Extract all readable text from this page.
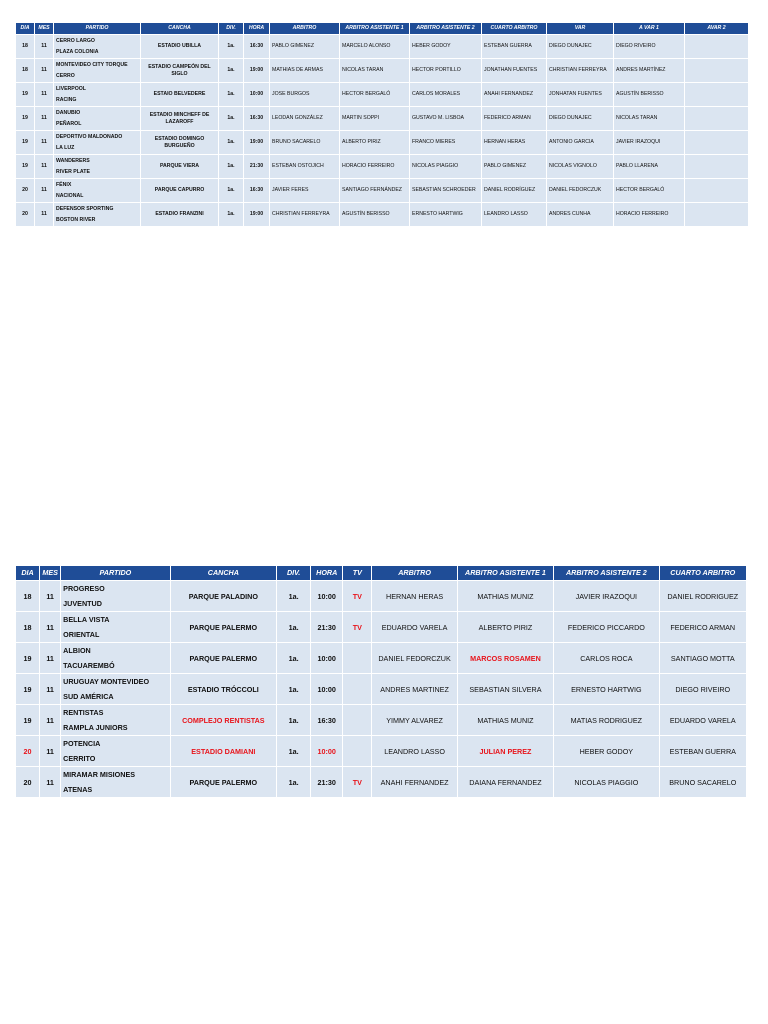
DIA	MES	PARTIDO	CANCHA	DIV.	HORA	ARBITRO	ARBITRO ASISTENTE 1	ARBITRO ASISTENTE 2	CUARTO ARBITRO	VAR	A VAR 1	AVAR 2
18	11	CERRO LARGO
PLAZA COLONIA	ESTADIO UBILLA	1a.	16:30	PABLO GIMENEZ	MARCELO ALONSO	HEBER GODOY	ESTEBAN GUERRA	DIEGO DUNAJEC	DIEGO RIVEIRO	
18	11	MONTEVIDEO CITY TORQUE
CERRO	ESTADIO CAMPEÓN DEL SIGLO	1a.	19:00	MATHIAS DE ARMAS	NICOLAS TARAN	HECTOR PORTILLO	JONATHAN FUENTES	CHRISTIAN FERREYRA	ANDRES MARTÍNEZ	
19	11	LIVERPOOL
RACING	ESTAIO BELVEDERE	1a.	10:00	JOSE BURGOS	HECTOR BERGALÓ	CARLOS MORALES	ANAHI FERNANDEZ	JONHATAN FUENTES	AGUSTÍN BERISSO	
19	11	DANUBIO
PEÑAROL	ESTADIO MINCHEFF DE LAZAROFF	1a.	16:30	LEODAN GONZÁLEZ	MARTIN SOPPI	GUSTAVO M. LISBOA	FEDERICO ARMAN	DIEGO DUNAJEC	NICOLAS TARAN	
19	11	DEPORTIVO MALDONADO
LA LUZ	ESTADIO DOMINGO BURGUEÑO	1a.	19:00	BRUNO SACARELO	ALBERTO PIRIZ	FRANCO MIERES	HERNAN HERAS	ANTONIO GARCIA	JAVIER IRAZOQUI	
19	11	WANDERERS
RIVER PLATE	PARQUE VIERA	1a.	21:30	ESTEBAN OSTOJICH	HORACIO FERREIRO	NICOLAS PIAGGIO	PABLO GIMENEZ	NICOLAS VIGNOLO	PABLO LLARENA	
20	11	FÉNIX
NACIONAL	PARQUE CAPURRO	1a.	16:30	JAVIER FERES	SANTIAGO FERNÁNDEZ	SEBASTIAN SCHROEDER	DANIEL RODRÍGUEZ	DANIEL FEDORCZUK	HECTOR BERGALÓ	
20	11	DEFENSOR SPORTING
BOSTON RIVER	ESTADIO FRANZINI	1a.	19:00	CHRISTIAN FERREYRA	AGUSTÍN BERISSO	ERNESTO HARTWIG	LEANDRO LASSO	ANDRES CUNHA	HORACIO FERREIRO	
DIA	MES	PARTIDO	CANCHA	DIV.	HORA	TV	ARBITRO	ARBITRO ASISTENTE 1	ARBITRO ASISTENTE 2	CUARTO ARBITRO
18	11	PROGRESO
JUVENTUD	PARQUE PALADINO	1a.	10:00	TV	HERNAN HERAS	MATHIAS MUNIZ	JAVIER IRAZOQUI	DANIEL RODRIGUEZ
18	11	BELLA VISTA
ORIENTAL	PARQUE PALERMO	1a.	21:30	TV	EDUARDO VARELA	ALBERTO PIRIZ	FEDERICO PICCARDO	FEDERICO ARMAN
19	11	ALBION
TACUAREMBÓ	PARQUE PALERMO	1a.	10:00		DANIEL FEDORCZUK	MARCOS ROSAMEN	CARLOS ROCA	SANTIAGO MOTTA
19	11	URUGUAY MONTEVIDEO
SUD AMÉRICA	ESTADIO TRÓCCOLI	1a.	10:00		ANDRES MARTINEZ	SEBASTIAN SILVERA	ERNESTO HARTWIG	DIEGO RIVEIRO
19	11	RENTISTAS
RAMPLA JUNIORS	COMPLEJO RENTISTAS	1a.	16:30		YIMMY ALVAREZ	MATHIAS MUNIZ	MATIAS RODRIGUEZ	EDUARDO VARELA
20	11	POTENCIA
CERRITO	ESTADIO DAMIANI	1a.	10:00		LEANDRO LASSO	JULIAN PEREZ	HEBER GODOY	ESTEBAN GUERRA
20	11	MIRAMAR MISIONES
ATENAS	PARQUE PALERMO	1a.	21:30	TV	ANAHI FERNANDEZ	DAIANA FERNANDEZ	NICOLAS PIAGGIO	BRUNO SACARELO
